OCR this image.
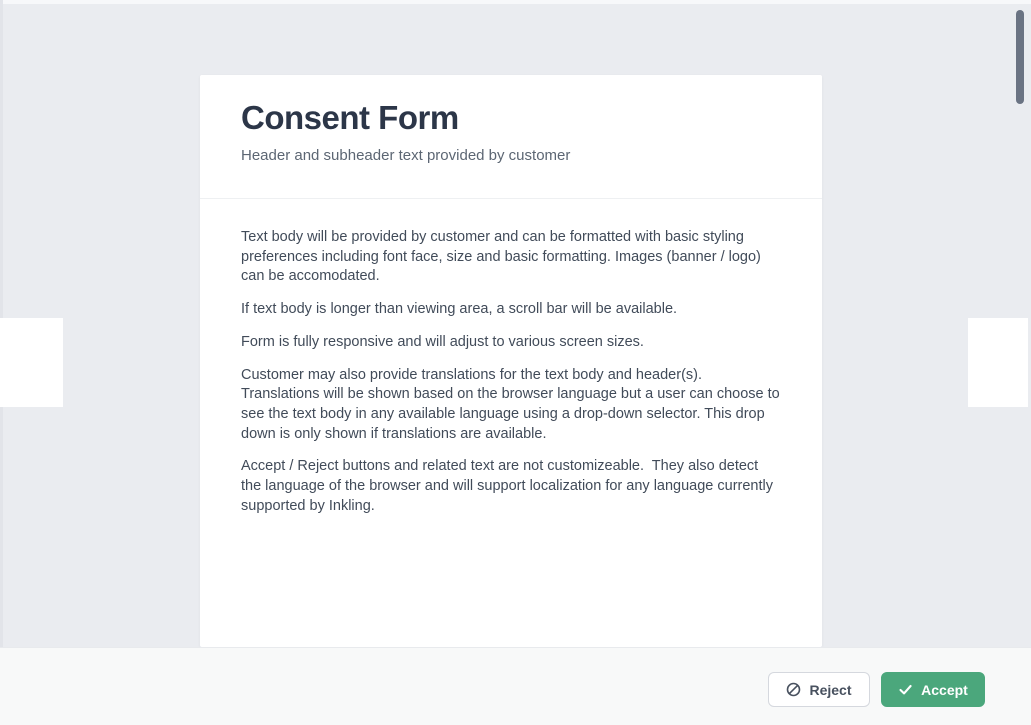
Consent Form
Header and subheader text provided by customer

Text body will be provided by customer and can be formatted with basic styling preferences including font face, size and basic formatting. Images (banner / logo) can be accomodated.

If text body is longer than viewing area, a scroll bar will be available.

Form is fully responsive and will adjust to various screen sizes.

Customer may also provide translations for the text body and header(s).  Translations will be shown based on the browser language but a user can choose to see the text body in any available language using a drop-down selector. This drop down is only shown if translations are available.

Accept / Reject buttons and related text are not customizeable.  They also detect the language of the browser and will support localization for any language currently supported by Inkling.

Reject	Accept
